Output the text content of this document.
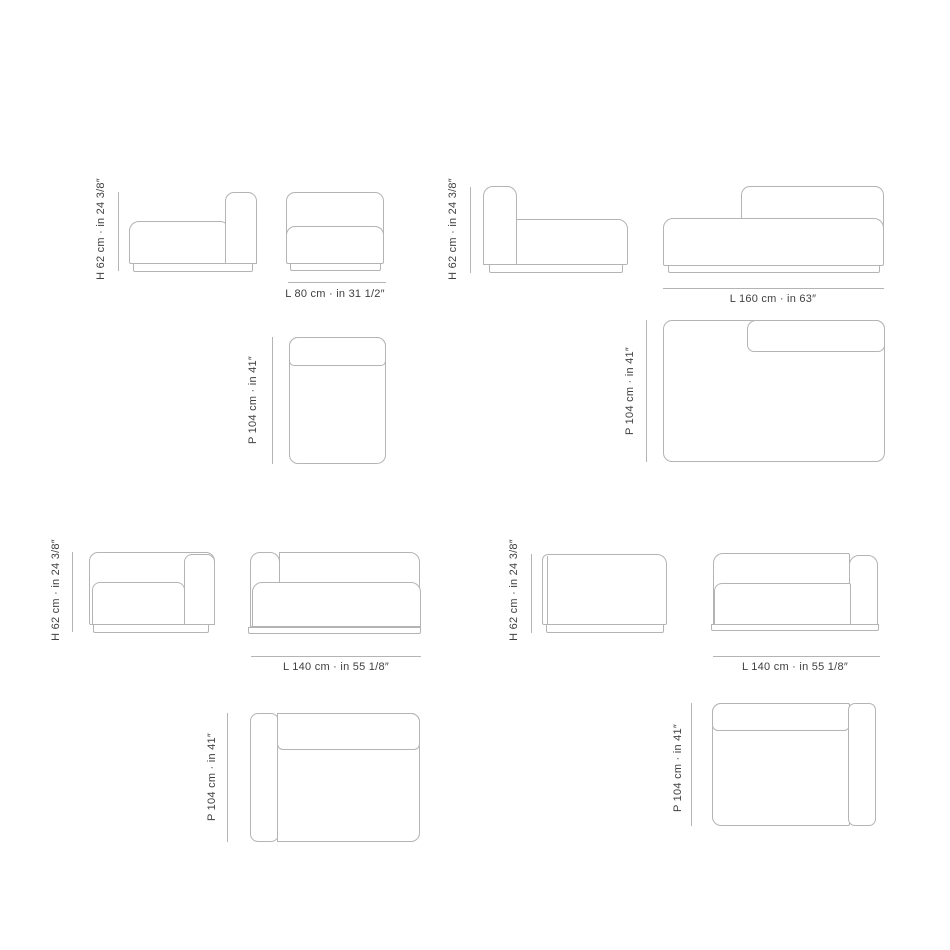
H 62 cm · in 24 3/8″
L 80 cm · in 31 1/2″
P 104 cm · in 41″
H 62 cm · in 24 3/8″
L 160 cm · in 63″
P 104 cm · in 41″
H 62 cm · in 24 3/8″
L 140 cm · in 55 1/8″
P 104 cm · in 41″
H 62 cm · in 24 3/8″
L 140 cm · in 55 1/8″
P 104 cm · in 41″
